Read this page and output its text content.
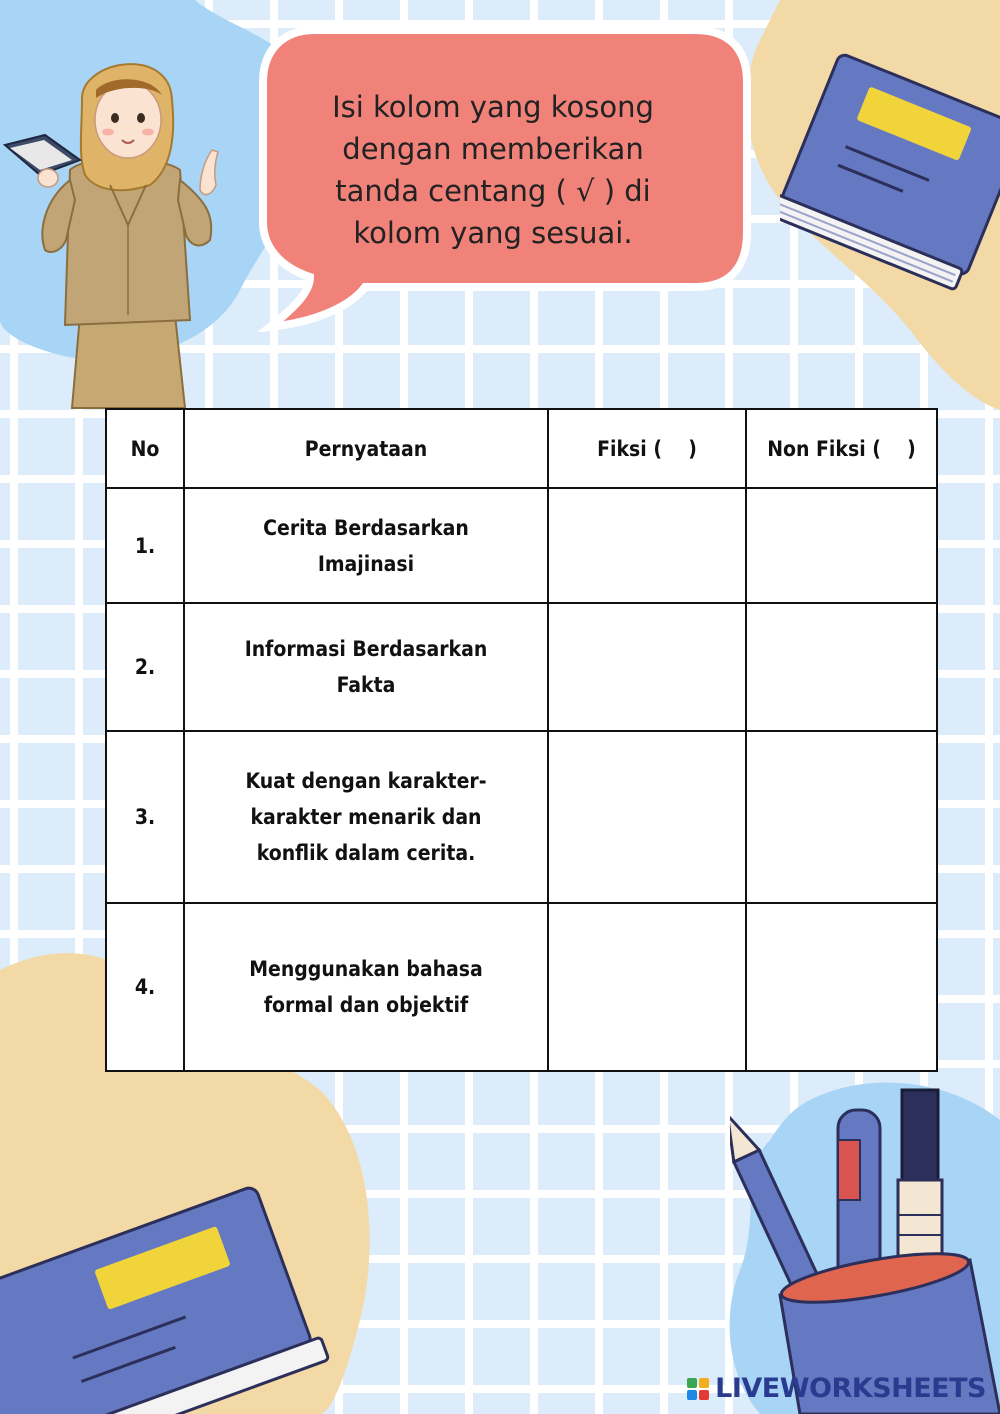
Isi kolom yang kosong
dengan memberikan
tanda centang ( √ ) di
kolom yang sesuai.
No	Pernyataan	Fiksi (    )	Non Fiksi (    )
1.	Cerita Berdasarkan Imajinasi		
2.	Informasi Berdasarkan Fakta		
3.	Kuat dengan karakter-karakter menarik dan konflik dalam cerita.		
4.	Menggunakan bahasa formal dan objektif		
LIVEWORKSHEETS
